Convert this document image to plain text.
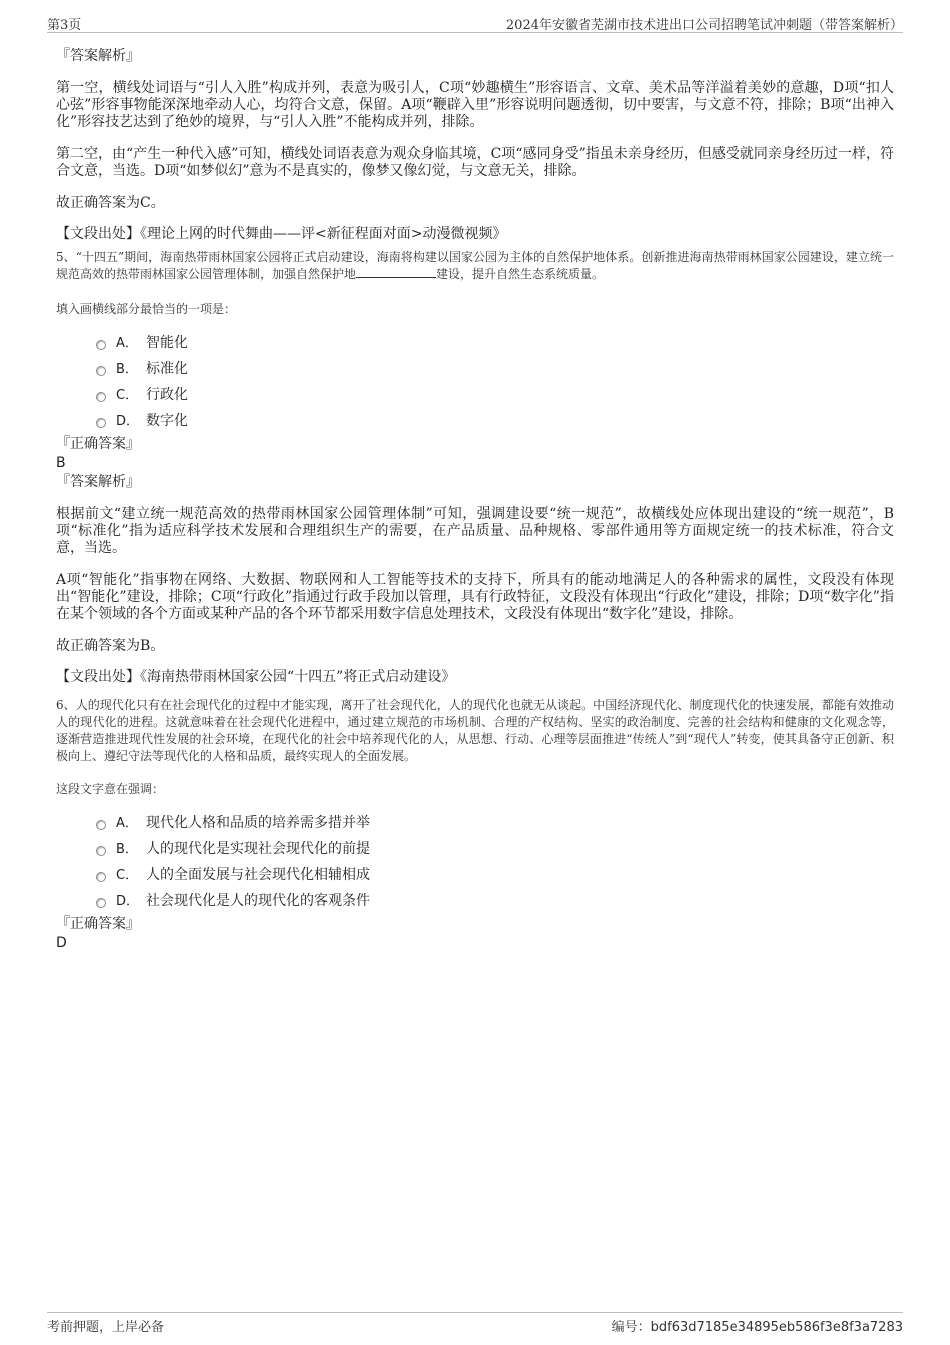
第3页	2024年安徽省芜湖市技术进出口公司招聘笔试冲刺题（带答案解析）

『答案解析』

第一空，横线处词语与“引人入胜”构成并列，表意为吸引人，C项“妙趣横生”形容语言、文章、美术品等洋溢着美妙的意趣，D项“扣人心弦”形容事物能深深地牵动人心，均符合文意，保留。A项“鞭辟入里”形容说明问题透彻，切中要害，与文意不符，排除；B项“出神入化”形容技艺达到了绝妙的境界，与“引人入胜”不能构成并列，排除。

第二空，由“产生一种代入感”可知，横线处词语表意为观众身临其境，C项“感同身受”指虽未亲身经历，但感受就同亲身经历过一样，符合文意，当选。D项“如梦似幻”意为不是真实的，像梦又像幻觉，与文意无关，排除。

故正确答案为C。

【文段出处】《理论上网的时代舞曲——评<新征程面对面>动漫微视频》

5、“十四五”期间，海南热带雨林国家公园将正式启动建设，海南将构建以国家公园为主体的自然保护地体系。创新推进海南热带雨林国家公园建设，建立统一规范高效的热带雨林国家公园管理体制，加强自然保护地	建设，提升自然生态系统质量。

填入画横线部分最恰当的一项是：

A． 智能化
B． 标准化
C． 行政化
D． 数字化

『正确答案』

B

『答案解析』

根据前文“建立统一规范高效的热带雨林国家公园管理体制”可知，强调建设要“统一规范”，故横线处应体现出建设的“统一规范”，B项“标准化”指为适应科学技术发展和合理组织生产的需要，在产品质量、品种规格、零部件通用等方面规定统一的技术标准，符合文意，当选。

A项“智能化”指事物在网络、大数据、物联网和人工智能等技术的支持下，所具有的能动地满足人的各种需求的属性，文段没有体现出“智能化”建设，排除；C项“行政化”指通过行政手段加以管理，具有行政特征，文段没有体现出“行政化”建设，排除；D项“数字化”指在某个领域的各个方面或某种产品的各个环节都采用数字信息处理技术，文段没有体现出“数字化”建设，排除。

故正确答案为B。

【文段出处】《海南热带雨林国家公园“十四五”将正式启动建设》

6、人的现代化只有在社会现代化的过程中才能实现，离开了社会现代化，人的现代化也就无从谈起。中国经济现代化、制度现代化的快速发展，都能有效推动人的现代化的进程。这就意味着在社会现代化进程中，通过建立规范的市场机制、合理的产权结构、坚实的政治制度、完善的社会结构和健康的文化观念等，逐渐营造推进现代性发展的社会环境，在现代化的社会中培养现代化的人，从思想、行动、心理等层面推进“传统人”到“现代人”转变，使其具备守正创新、积极向上、遵纪守法等现代化的人格和品质，最终实现人的全面发展。

这段文字意在强调：

A． 现代化人格和品质的培养需多措并举
B． 人的现代化是实现社会现代化的前提
C． 人的全面发展与社会现代化相辅相成
D． 社会现代化是人的现代化的客观条件

『正确答案』

D

考前押题，上岸必备	编号：bdf63d7185e34895eb586f3e8f3a7283
